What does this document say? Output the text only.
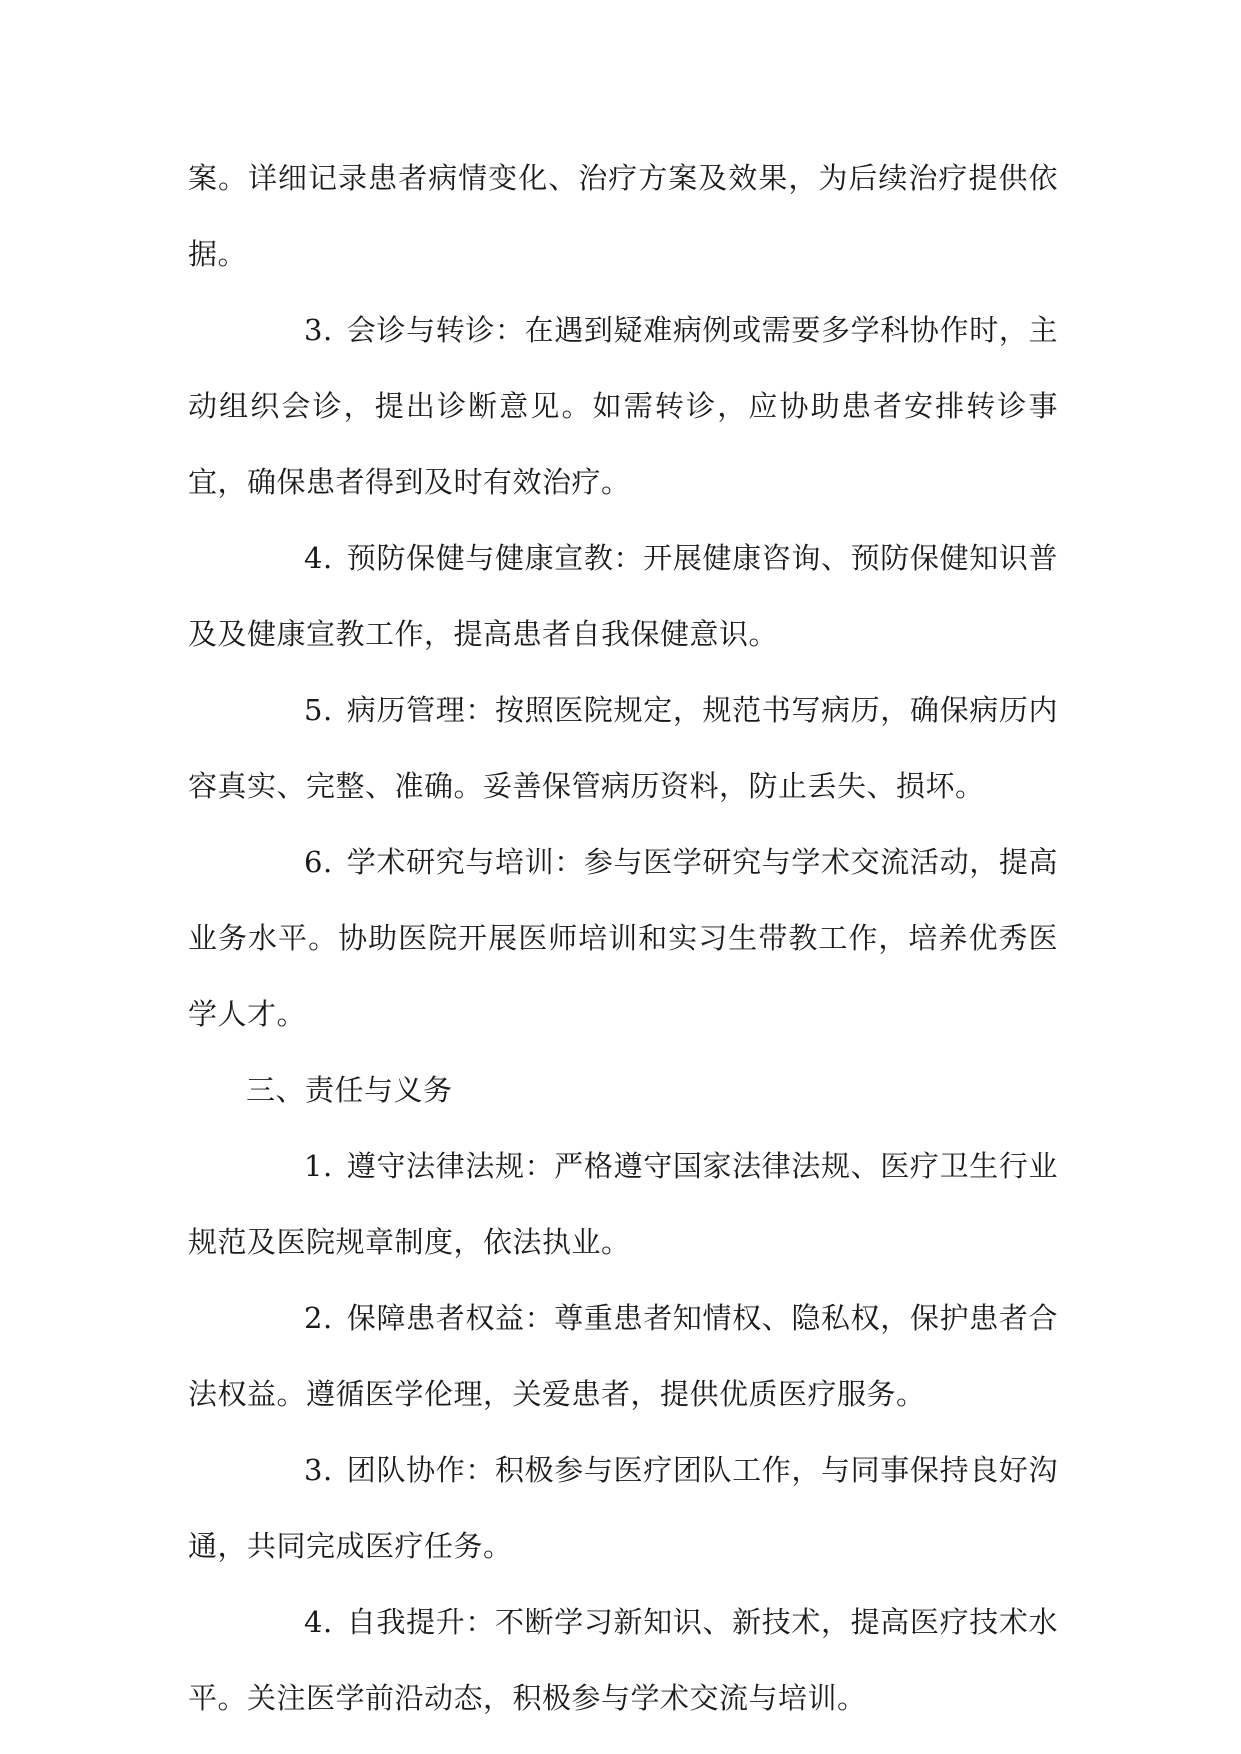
案。详细记录患者病情变化、治疗方案及效果，为后续治疗提供依据。

3. 会诊与转诊：在遇到疑难病例或需要多学科协作时，主动组织会诊，提出诊断意见。如需转诊，应协助患者安排转诊事宜，确保患者得到及时有效治疗。

4. 预防保健与健康宣教：开展健康咨询、预防保健知识普及及健康宣教工作，提高患者自我保健意识。

5. 病历管理：按照医院规定，规范书写病历，确保病历内容真实、完整、准确。妥善保管病历资料，防止丢失、损坏。

6. 学术研究与培训：参与医学研究与学术交流活动，提高业务水平。协助医院开展医师培训和实习生带教工作，培养优秀医学人才。

三、责任与义务

1. 遵守法律法规：严格遵守国家法律法规、医疗卫生行业规范及医院规章制度，依法执业。

2. 保障患者权益：尊重患者知情权、隐私权，保护患者合法权益。遵循医学伦理，关爱患者，提供优质医疗服务。

3. 团队协作：积极参与医疗团队工作，与同事保持良好沟通，共同完成医疗任务。

4. 自我提升：不断学习新知识、新技术，提高医疗技术水平。关注医学前沿动态，积极参与学术交流与培训。
